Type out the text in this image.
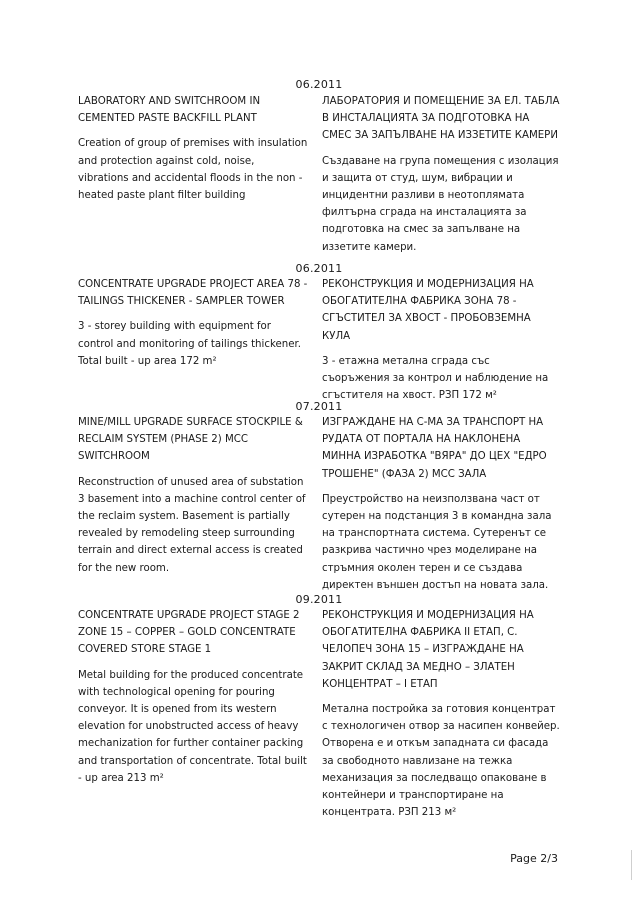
06.2011
LABORATORY AND SWITCHROOM IN CEMENTED PASTE BACKFILL PLANT
Creation of group of premises with insulation and protection against cold, noise, vibrations and accidental floods in the non - heated paste plant filter building
ЛАБОРАТОРИЯ И ПОМЕЩЕНИЕ ЗА ЕЛ. ТАБЛА В ИНСТАЛАЦИЯТА ЗА ПОДГОТОВКА НА СМЕС ЗА ЗАПЪЛВАНЕ НА ИЗЗЕТИТЕ КАМЕРИ
Създаване на група помещения с изолация и защита от студ, шум, вибрации и инцидентни разливи в неотоплямата филтърна сграда на инсталацията за подготовка на смес за запълване на иззетите камери.
06.2011
CONCENTRATE UPGRADE PROJECT AREA 78 - TAILINGS THICKENER - SAMPLER TOWER
3 - storey building with equipment for control and monitoring of tailings thickener. Total built - up area 172 m²
РЕКОНСТРУКЦИЯ И МОДЕРНИЗАЦИЯ НА ОБОГАТИТЕЛНА ФАБРИКА ЗОНА 78 - СГЪСТИТЕЛ ЗА ХВОСТ - ПРОБОВЗЕМНА КУЛА
3 - етажна метална сграда със съоръжения за контрол и наблюдение на сгъстителя на хвост. РЗП 172 м²
07.2011
MINE/MILL UPGRADE SURFACE STOCKPILE & RECLAIM SYSTEM (PHASE 2) MCC SWITCHROOM
Reconstruction of unused area of substation 3 basement into a machine control center of the reclaim system. Basement is partially revealed by remodeling steep surrounding terrain and direct external access is created for the new room.
ИЗГРАЖДАНЕ НА С-МА ЗА ТРАНСПОРТ НА РУДАТА ОТ ПОРТАЛА НА НАКЛОНЕНА МИННА ИЗРАБОТКА "ВЯРА" ДО ЦЕХ "ЕДРО ТРОШЕНЕ" (ФАЗА 2) MCC ЗАЛА
Преустройство на неизползвана част от сутерен на подстанция 3 в командна зала на транспортната система. Сутеренът се разкрива частично чрез моделиране на стръмния околен терен и се създава директен външен достъп на новата зала.
09.2011
CONCENTRATE UPGRADE PROJECT STAGE 2 ZONE 15 – COPPER – GOLD CONCENTRATE COVERED STORE STAGE 1
Metal building for the produced concentrate with technological opening for pouring conveyor. It is opened from its western elevation for unobstructed access of heavy mechanization for further container packing and transportation of concentrate. Total built - up area 213 m²
РЕКОНСТРУКЦИЯ И МОДЕРНИЗАЦИЯ НА ОБОГАТИТЕЛНА ФАБРИКА II ЕТАП, С. ЧЕЛОПЕЧ ЗОНА 15 – ИЗГРАЖДАНЕ НА ЗАКРИТ СКЛАД ЗА МЕДНО – ЗЛАТЕН КОНЦЕНТРАТ – I ЕТАП
Метална постройка за готовия концентрат с технологичен отвор за насипен конвейер. Отворена е и откъм западната си фасада за свободното навлизане на тежка механизация за последващо опаковане в контейнери и транспортиране на концентрата. РЗП 213 м²
Page 2/3
